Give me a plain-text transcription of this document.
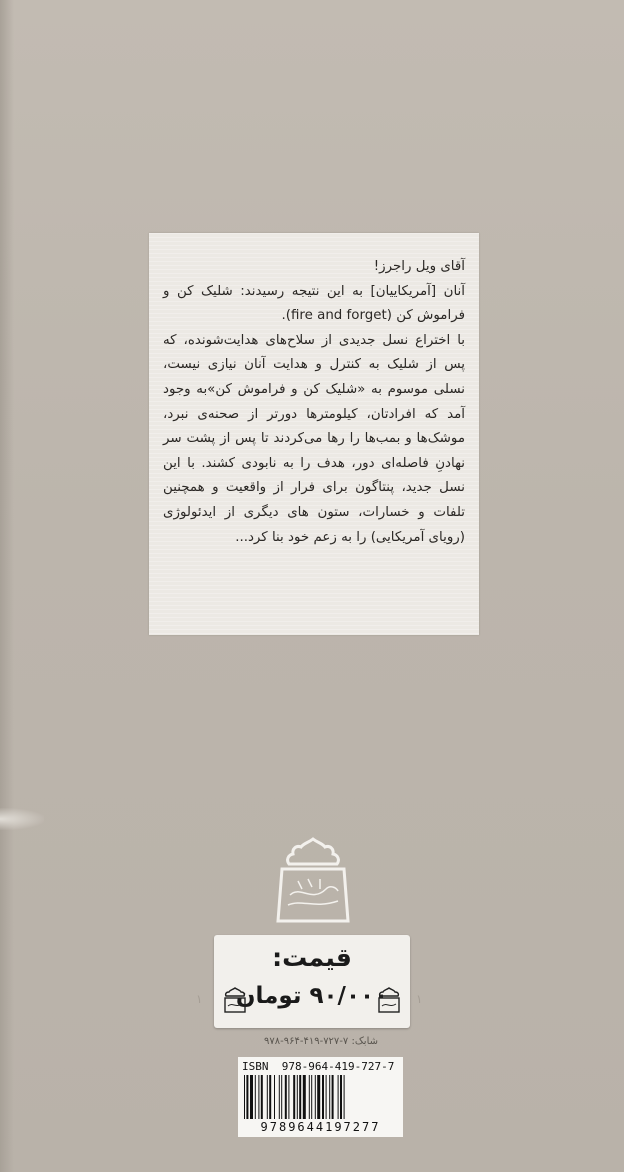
آقای ویل راجرز!

آنان [آمریکاییان] به این نتیجه رسیدند: شلیک کن و فراموش کن (fire and forget).

با اختراع نسل جدیدی از سلاح‌های هدایت‌شونده، که پس از شلیک به کنترل و هدایت آنان نیازی نیست، نسلی موسوم به «شلیک کن و فراموش کن»به وجود آمد که افرادتان، کیلومترها دورتر از صحنه‌ی نبرد، موشک‌ها و بمب‌ها را رها می‌کردند تا پس از پشت سر نهادنِ فاصله‌ای دور، هدف را به نابودی کشند. با این نسل جدید، پنتاگون برای فرار از واقعیت و همچنین تلفات و خسارات، ستون های دیگری از ایدئولوژی (رویای آمریکایی) را به زعم خود بنا کرد...

۱	۱
قیمت:
۹۰/۰۰۰ تومان
شابک: ۷-۷۲۷-۴۱۹-۹۶۴-۹۷۸
ISBN  978-964-419-727-7
9789644197277
